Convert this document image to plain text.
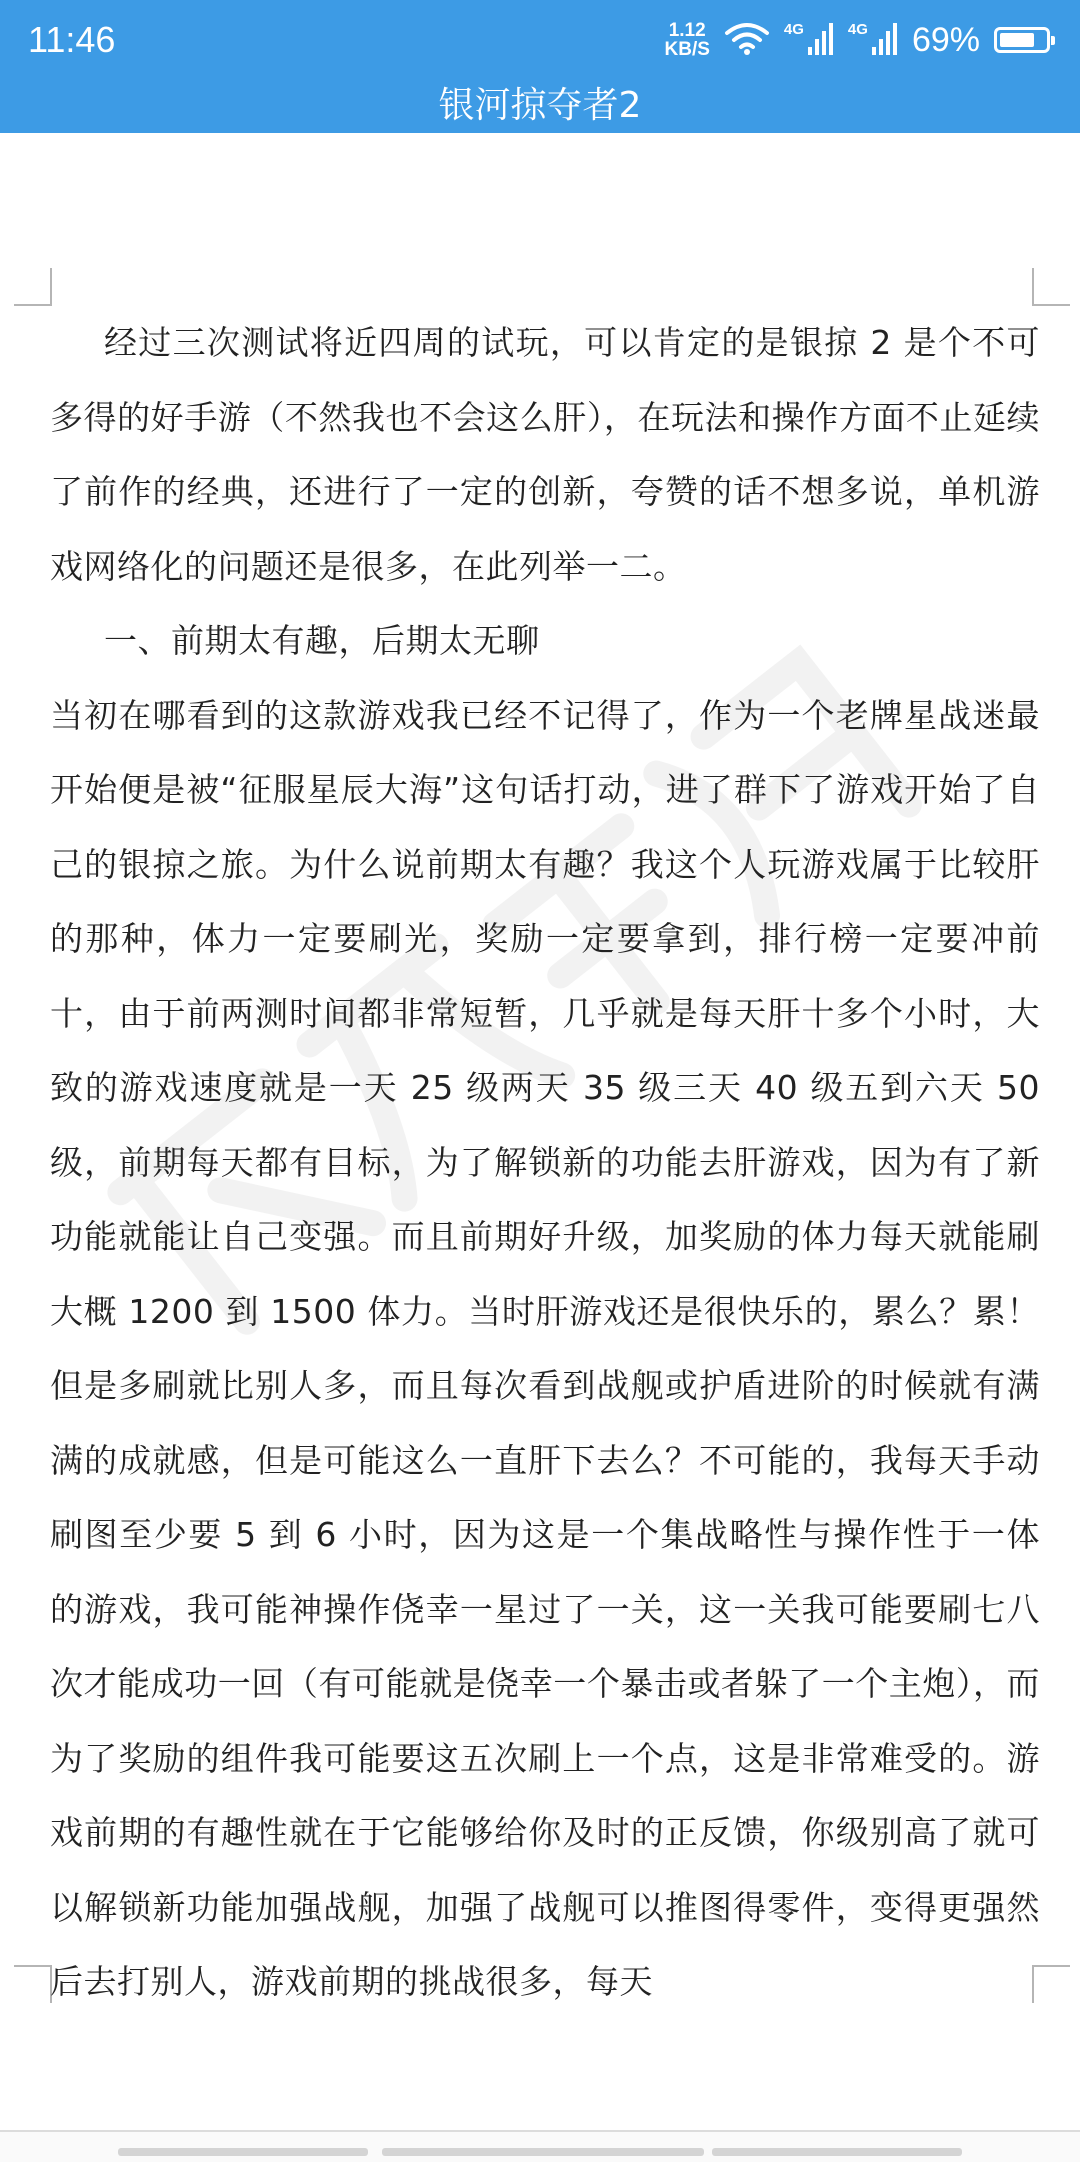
11:46	1.12
KB/S
4G	4G 69%
银河掠夺者2

经过三次测试将近四周的试玩，可以肯定的是银掠 2 是个不可多得的好手游（不然我也不会这么肝），在玩法和操作方面不止延续了前作的经典，还进行了一定的创新，夸赞的话不想多说，单机游戏网络化的问题还是很多，在此列举一二。

一、前期太有趣，后期太无聊

当初在哪看到的这款游戏我已经不记得了，作为一个老牌星战迷最开始便是被“征服星辰大海”这句话打动，进了群下了游戏开始了自己的银掠之旅。为什么说前期太有趣？我这个人玩游戏属于比较肝的那种，体力一定要刷光，奖励一定要拿到，排行榜一定要冲前十，由于前两测时间都非常短暂，几乎就是每天肝十多个小时，大致的游戏速度就是一天 25 级两天 35 级三天 40 级五到六天 50 级，前期每天都有目标，为了解锁新的功能去肝游戏，因为有了新功能就能让自己变强。而且前期好升级，加奖励的体力每天就能刷大概 1200 到 1500 体力。当时肝游戏还是很快乐的，累么？累！但是多刷就比别人多，而且每次看到战舰或护盾进阶的时候就有满满的成就感，但是可能这么一直肝下去么？不可能的，我每天手动刷图至少要 5 到 6 小时，因为这是一个集战略性与操作性于一体的游戏，我可能神操作侥幸一星过了一关，这一关我可能要刷七八次才能成功一回（有可能就是侥幸一个暴击或者躲了一个主炮），而为了奖励的组件我可能要这五次刷上一个点，这是非常难受的。游戏前期的有趣性就在于它能够给你及时的正反馈，你级别高了就可以解锁新功能加强战舰，加强了战舰可以推图得零件，变得更强然后去打别人，游戏前期的挑战很多，每天
